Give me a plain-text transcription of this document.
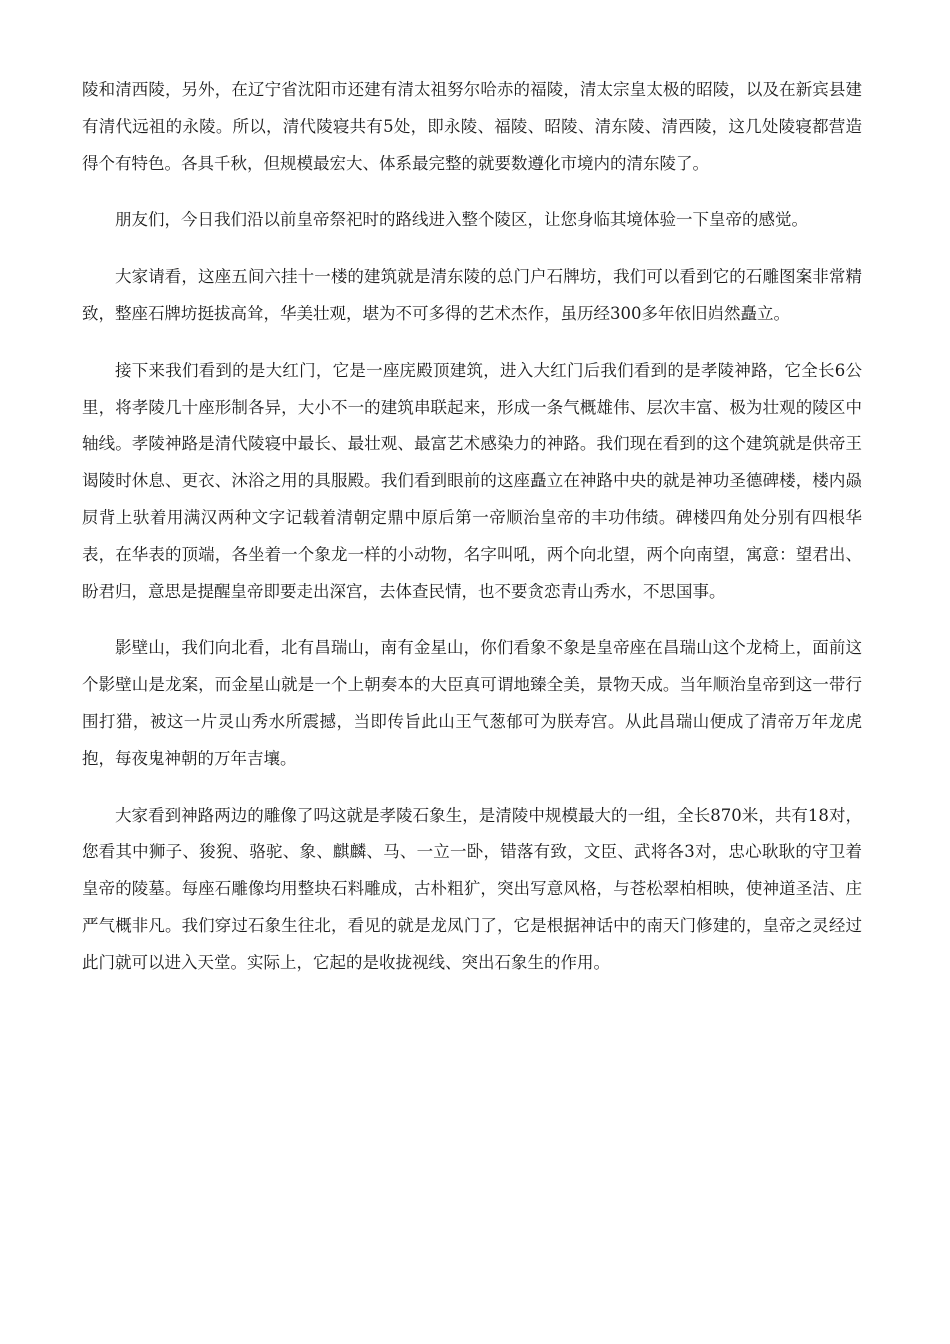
陵和清西陵，另外，在辽宁省沈阳市还建有清太祖努尔哈赤的福陵，清太宗皇太极的昭陵，以及在新宾县建有清代远祖的永陵。所以，清代陵寝共有5处，即永陵、福陵、昭陵、清东陵、清西陵，这几处陵寝都营造得个有特色。各具千秋，但规模最宏大、体系最完整的就要数遵化市境内的清东陵了。

朋友们，今日我们沿以前皇帝祭祀时的路线进入整个陵区，让您身临其境体验一下皇帝的感觉。

大家请看，这座五间六挂十一楼的建筑就是清东陵的总门户石牌坊，我们可以看到它的石雕图案非常精致，整座石牌坊挺拔高耸，华美壮观，堪为不可多得的艺术杰作，虽历经300多年依旧岿然矗立。

接下来我们看到的是大红门，它是一座庑殿顶建筑，进入大红门后我们看到的是孝陵神路，它全长6公里，将孝陵几十座形制各异，大小不一的建筑串联起来，形成一条气概雄伟、层次丰富、极为壮观的陵区中轴线。孝陵神路是清代陵寝中最长、最壮观、最富艺术感染力的神路。我们现在看到的这个建筑就是供帝王谒陵时休息、更衣、沐浴之用的具服殿。我们看到眼前的这座矗立在神路中央的就是神功圣德碑楼，楼内赑屃背上驮着用满汉两种文字记载着清朝定鼎中原后第一帝顺治皇帝的丰功伟绩。碑楼四角处分别有四根华表，在华表的顶端，各坐着一个象龙一样的小动物，名字叫吼，两个向北望，两个向南望，寓意：望君出、盼君归，意思是提醒皇帝即要走出深宫，去体查民情，也不要贪恋青山秀水，不思国事。

影壁山，我们向北看，北有昌瑞山，南有金星山，你们看象不象是皇帝座在昌瑞山这个龙椅上，面前这个影壁山是龙案，而金星山就是一个上朝奏本的大臣真可谓地臻全美，景物天成。当年顺治皇帝到这一带行围打猎，被这一片灵山秀水所震撼，当即传旨此山王气葱郁可为朕寿宫。从此昌瑞山便成了清帝万年龙虎抱，每夜鬼神朝的万年吉壤。

大家看到神路两边的雕像了吗这就是孝陵石象生，是清陵中规模最大的一组，全长870米，共有18对，您看其中狮子、狻猊、骆驼、象、麒麟、马、一立一卧，错落有致，文臣、武将各3对，忠心耿耿的守卫着皇帝的陵墓。每座石雕像均用整块石料雕成，古朴粗犷，突出写意风格，与苍松翠柏相映，使神道圣洁、庄严气概非凡。我们穿过石象生往北，看见的就是龙凤门了，它是根据神话中的南天门修建的，皇帝之灵经过此门就可以进入天堂。实际上，它起的是收拢视线、突出石象生的作用。
